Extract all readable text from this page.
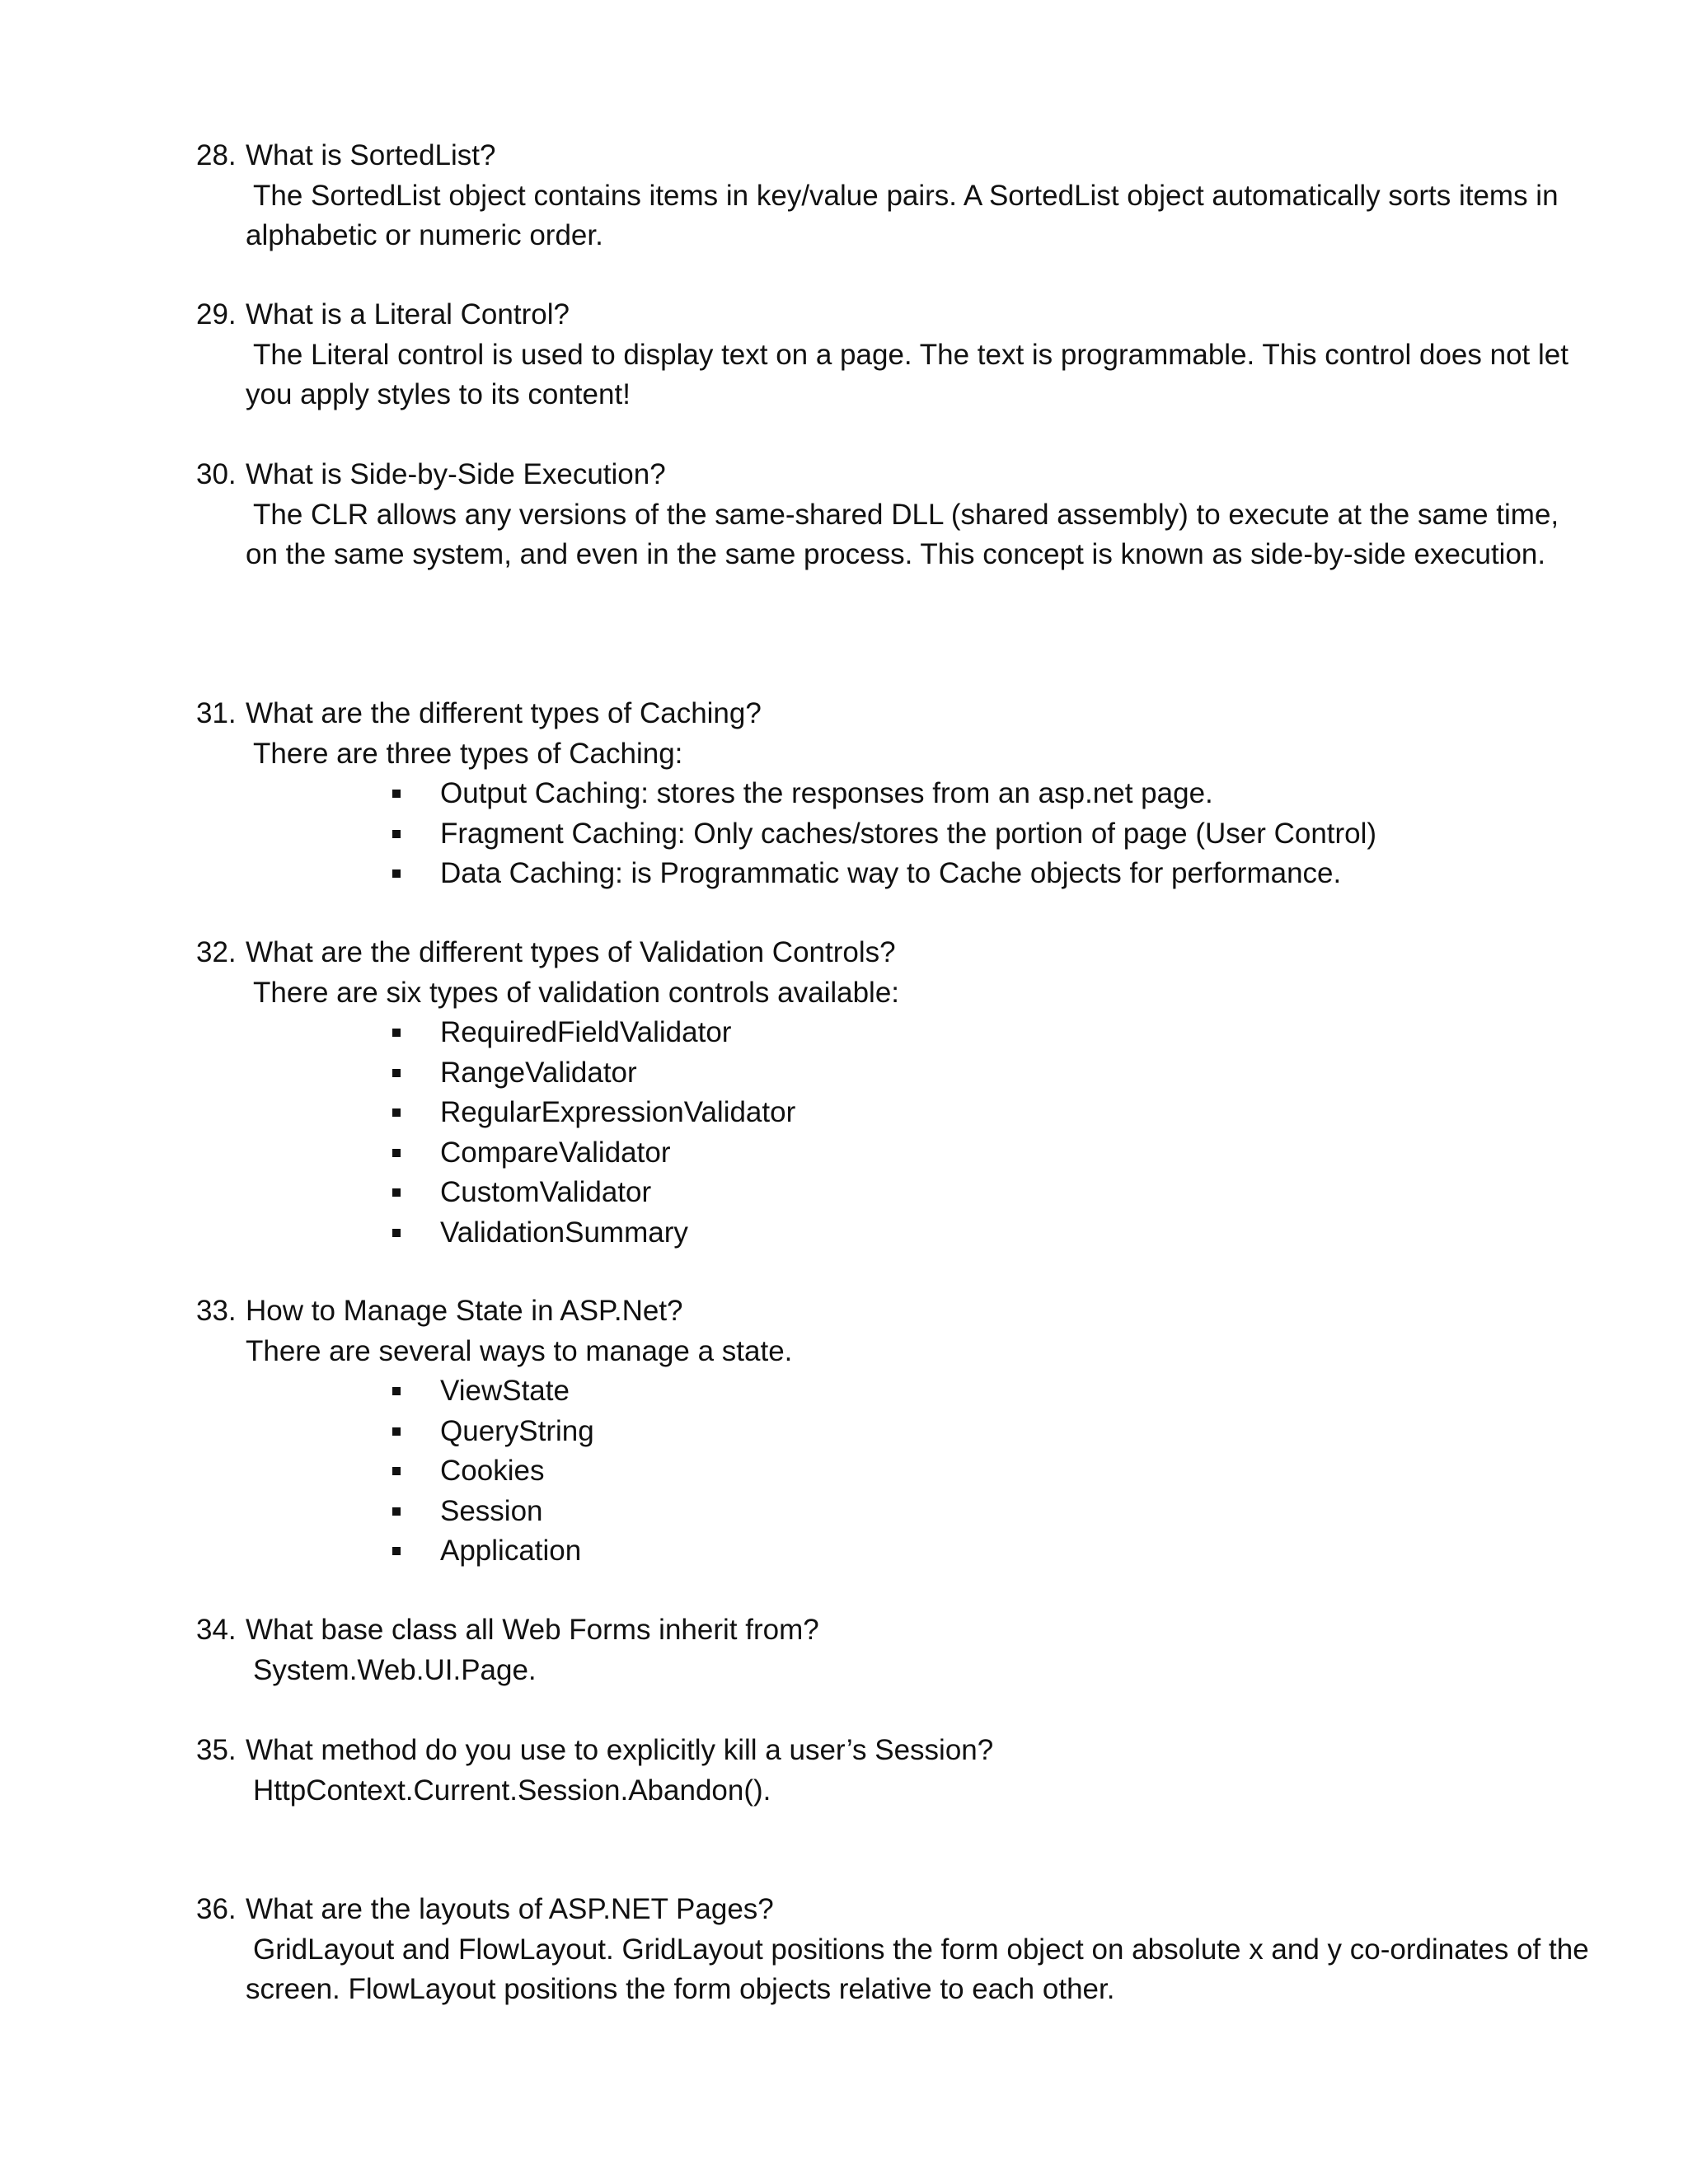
28. What is SortedList?
The SortedList object contains items in key/value pairs. A SortedList object automatically sorts items in alphabetic or numeric order.
29. What is a Literal Control?
The Literal control is used to display text on a page. The text is programmable. This control does not let you apply styles to its content!
30. What is Side-by-Side Execution?
The CLR allows any versions of the same-shared DLL (shared assembly) to execute at the same time, on the same system, and even in the same process. This concept is known as side-by-side execution.
31. What are the different types of Caching?
There are three types of Caching:
Output Caching: stores the responses from an asp.net page.
Fragment Caching: Only caches/stores the portion of page (User Control)
Data Caching: is Programmatic way to Cache objects for performance.
32. What are the different types of Validation Controls?
There are six types of validation controls available:
RequiredFieldValidator
RangeValidator
RegularExpressionValidator
CompareValidator
CustomValidator
ValidationSummary
33. How to Manage State in ASP.Net?
There are several ways to manage a state.
ViewState
QueryString
Cookies
Session
Application
34. What base class all Web Forms inherit from?
System.Web.UI.Page.
35. What method do you use to explicitly kill a user’s Session?
HttpContext.Current.Session.Abandon().
36. What are the layouts of ASP.NET Pages?
GridLayout and FlowLayout. GridLayout positions the form object on absolute x and y co-ordinates of the screen. FlowLayout positions the form objects relative to each other.
